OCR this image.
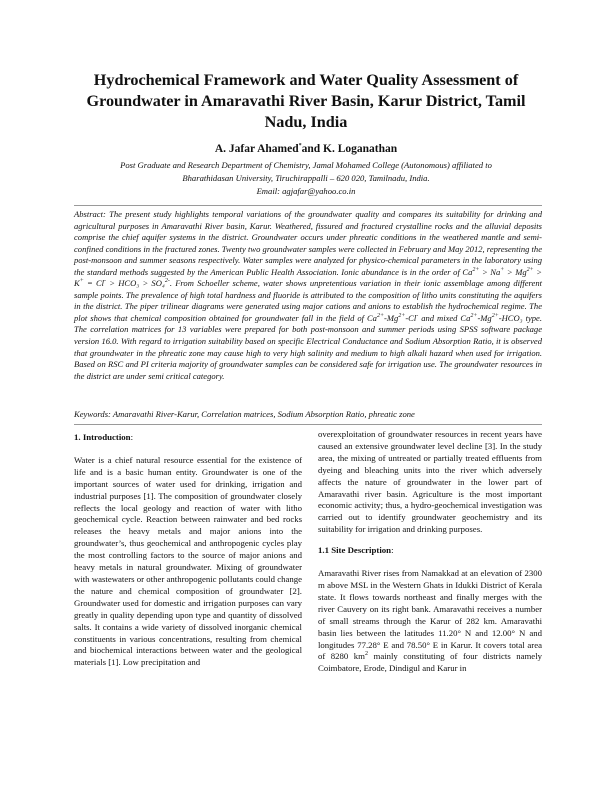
Hydrochemical Framework and Water Quality Assessment of Groundwater in Amaravathi River Basin, Karur District, Tamil Nadu, India
A. Jafar Ahamed*and K. Loganathan
Post Graduate and Research Department of Chemistry, Jamal Mohamed College (Autonomous) affiliated to
Bharathidasan University, Tiruchirappalli – 620 020, Tamilnadu, India.
Email: agjafar@yahoo.co.in
Abstract: The present study highlights temporal variations of the groundwater quality and compares its suitability for drinking and agricultural purposes in Amaravathi River basin, Karur. Weathered, fissured and fractured crystalline rocks and the alluvial deposits comprise the chief aquifer systems in the district. Groundwater occurs under phreatic conditions in the weathered mantle and semi-confined conditions in the fractured zones. Twenty two groundwater samples were collected in February and May 2012, representing the post-monsoon and summer seasons respectively. Water samples were analyzed for physico-chemical parameters in the laboratory using the standard methods suggested by the American Public Health Association. Ionic abundance is in the order of $Ca^{2+} > Na^+ > Mg^{2+} > K^+ = Cl^- > HCO_3 > SO_4^{2-}$. From Schoeller scheme, water shows unpretentious variation in their ionic assemblage among different sample points. The prevalence of high total hardness and fluoride is attributed to the composition of litho units constituting the aquifers in the district. The piper trilinear diagrams were generated using major cations and anions to establish the hydrochemical regime. The plot shows that chemical composition obtained for groundwater fall in the field of $Ca^{2+}-Mg^{2+}-Cl^-$ and mixed $Ca^{2+}-Mg^{2+}$-HCO₃ type. The correlation matrices for 13 variables were prepared for both post-monsoon and summer periods using SPSS software package version 16.0. With regard to irrigation suitability based on specific Electrical Conductance and Sodium Absorption Ratio, it is observed that groundwater in the phreatic zone may cause high to very high salinity and medium to high alkali hazard when used for irrigation. Based on RSC and PI criteria majority of groundwater samples can be considered safe for irrigation use. The groundwater resources in the district are under semi critical category.
Keywords: Amaravathi River-Karur, Correlation matrices, Sodium Absorption Ratio, phreatic zone

1. Introduction:

Water is a chief natural resource essential for the existence of life and is a basic human entity. Groundwater is one of the important sources of water used for drinking, irrigation and industrial purposes [1]. The composition of groundwater closely reflects the local geology and reaction of water with litho geochemical cycle. Reaction between rainwater and bed rocks releases the heavy metals and major anions into the groundwater’s, thus geochemical and anthropogenic cycles play the most controlling factors to the source of major anions and heavy metals in natural groundwater. Mixing of groundwater with wastewaters or other anthropogenic pollutants could change the nature and chemical composition of groundwater [2]. Groundwater used for domestic and irrigation purposes can vary greatly in quality depending upon type and quantity of dissolved salts. It contains a wide variety of dissolved inorganic chemical constituents in various concentrations, resulting from chemical and biochemical interactions between water and the geological materials [1]. Low precipitation and

overexploitation of groundwater resources in recent years have caused an extensive groundwater level decline [3]. In the study area, the mixing of untreated or partially treated effluents from dyeing and bleaching units into the river which adversely affects the nature of groundwater in the lower part of Amaravathi river basin. Agriculture is the most important economic activity; thus, a hydro-geochemical investigation was carried out to identify groundwater geochemistry and its suitability for irrigation and drinking purposes.

1.1 Site Description:

Amaravathi River rises from Namakkad at an elevation of 2300 m above MSL in the Western Ghats in Idukki District of Kerala state. It flows towards northeast and finally merges with the river Cauvery on its right bank. Amaravathi receives a number of small streams through the Karur of 282 km. Amaravathi basin lies between the latitudes 11.20° N and 12.00° N and longitudes 77.28° E and 78.50° E in Karur. It covers total area of 8280 $km^2$ mainly constituting of four districts namely Coimbatore, Erode, Dindigul and Karur in
